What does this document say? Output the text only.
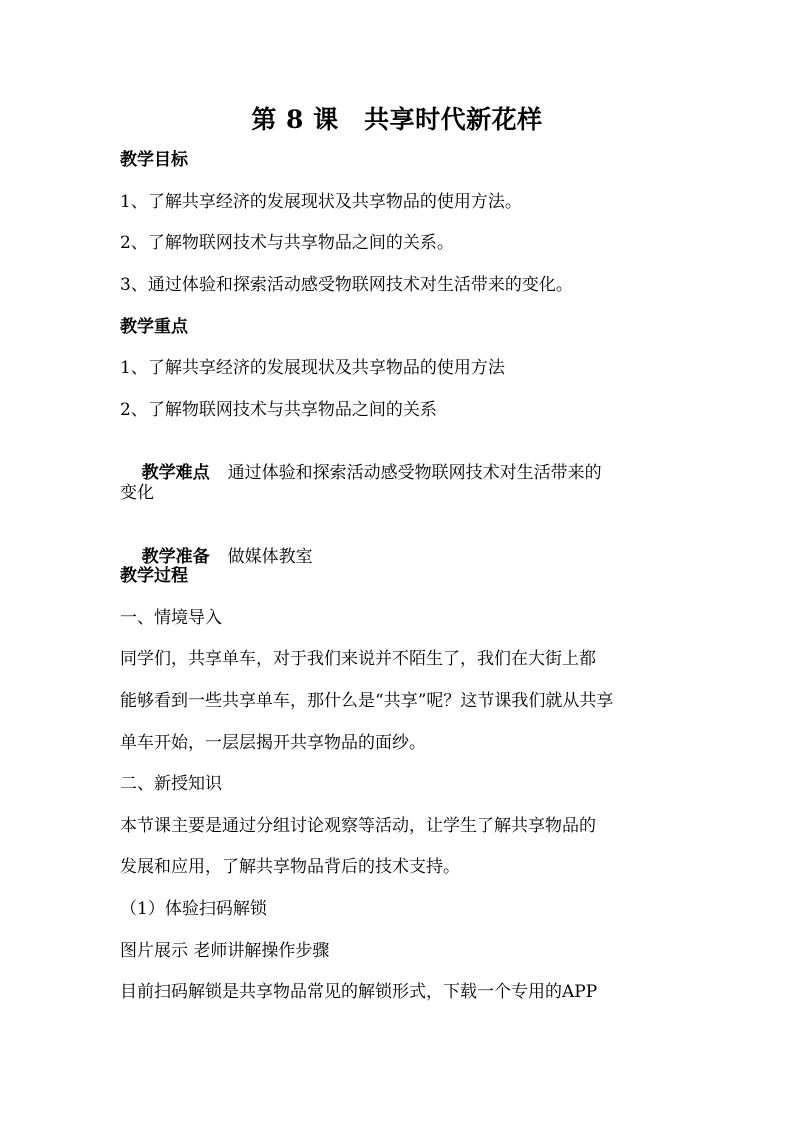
第 8 课　共享时代新花样
教学目标
1、了解共享经济的发展现状及共享物品的使用方法。
2、了解物联网技术与共享物品之间的关系。
3、通过体验和探索活动感受物联网技术对生活带来的变化。
教学重点
1、了解共享经济的发展现状及共享物品的使用方法
2、了解物联网技术与共享物品之间的关系

教学难点 通过体验和探索活动感受物联网技术对生活带来的

变化

教学准备 做媒体教室

教学过程
一、情境导入
同学们，共享单车，对于我们来说并不陌生了，我们在大街上都
能够看到一些共享单车，那什么是“共享”呢？这节课我们就从共享
单车开始，一层层揭开共享物品的面纱。
二、新授知识
本节课主要是通过分组讨论观察等活动，让学生了解共享物品的
发展和应用，了解共享物品背后的技术支持。
（1）体验扫码解锁
图片展示 老师讲解操作步骤
目前扫码解锁是共享物品常见的解锁形式，下载一个专用的APP
